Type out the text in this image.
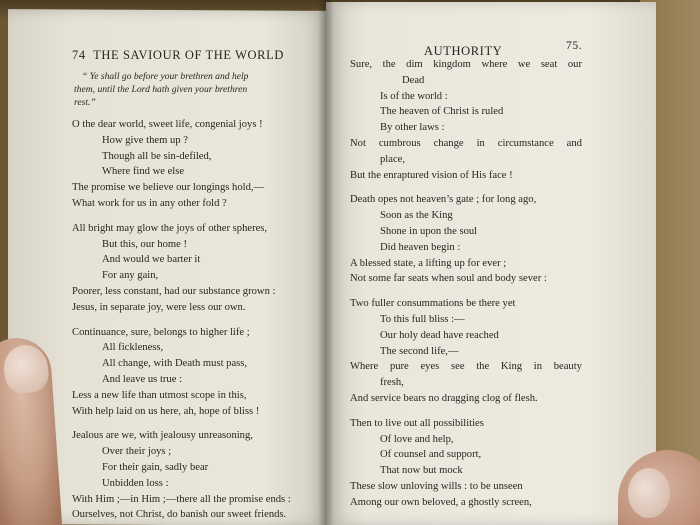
74 THE SAVIOUR OF THE WORLD
“ Ye shall go before your brethren and help
them, until the Lord hath given your brethren
rest.”
O the dear world, sweet life, congenial joys !
How give them up ?
Though all be sin-defiled,
Where find we else
The promise we believe our longings hold,—
What work for us in any other fold ?
All bright may glow the joys of other spheres,
But this, our home !
And would we barter it
For any gain,
Poorer, less constant, had our substance grown :
Jesus, in separate joy, were less our own.
Continuance, sure, belongs to higher life ;
All fickleness,
All change, with Death must pass,
And leave us true :
Less a new life than utmost scope in this,
With help laid on us here, ah, hope of bliss !
Jealous are we, with jealousy unreasoning,
Over their joys ;
For their gain, sadly bear
Unbidden loss :
With Him ;—in Him ;—there all the promise ends :
Ourselves, not Christ, do banish our sweet friends.
AUTHORITY	75.
Sure, the dim kingdom where we seat our
Dead
Is of the world :
The heaven of Christ is ruled
By other laws :
Not cumbrous change in circumstance and
place,
But the enraptured vision of His face !
Death opes not heaven’s gate ; for long ago,
Soon as the King
Shone in upon the soul
Did heaven begin :
A blessed state, a lifting up for ever ;
Not some far seats when soul and body sever :
Two fuller consummations be there yet
To this full bliss :—
Our holy dead have reached
The second life,—
Where pure eyes see the King in beauty
fresh,
And service bears no dragging clog of flesh.
Then to live out all possibilities
Of love and help,
Of counsel and support,
That now but mock
These slow unloving wills : to be unseen
Among our own beloved, a ghostly screen,
